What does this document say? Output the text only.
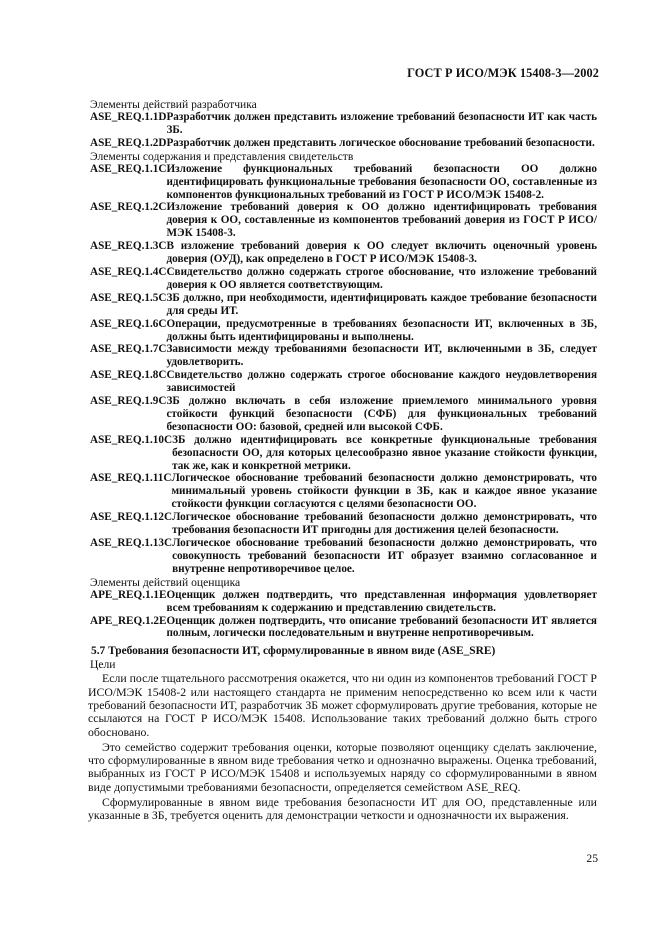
ГОСТ Р ИСО/МЭК 15408-3—2002
Элементы действий разработчика
ASE_REQ.1.1D Разработчик должен представить изложение требований безопасности ИТ как часть ЗБ.
ASE_REQ.1.2D Разработчик должен представить логическое обоснование требований безопасности.
Элементы содержания и представления свидетельств
ASE_REQ.1.1C Изложение функциональных требований безопасности ОО должно идентифицировать функциональные требования безопасности ОО, составленные из компонентов функциональных требований из ГОСТ Р ИСО/МЭК 15408-2.
ASE_REQ.1.2C Изложение требований доверия к ОО должно идентифицировать требования доверия к ОО, составленные из компонентов требований доверия из ГОСТ Р ИСО/МЭК 15408-3.
ASE_REQ.1.3C В изложение требований доверия к ОО следует включить оценочный уровень доверия (ОУД), как определено в ГОСТ Р ИСО/МЭК 15408-3.
ASE_REQ.1.4C Свидетельство должно содержать строгое обоснование, что изложение требований доверия к ОО является соответствующим.
ASE_REQ.1.5C ЗБ должно, при необходимости, идентифицировать каждое требование безопасности для среды ИТ.
ASE_REQ.1.6C Операции, предусмотренные в требованиях безопасности ИТ, включенных в ЗБ, должны быть идентифицированы и выполнены.
ASE_REQ.1.7C Зависимости между требованиями безопасности ИТ, включенными в ЗБ, следует удовлетворить.
ASE_REQ.1.8C Свидетельство должно содержать строгое обоснование каждого неудовлетворения зависимостей
ASE_REQ.1.9C ЗБ должно включать в себя изложение приемлемого минимального уровня стойкости функций безопасности (СФБ) для функциональных требований безопасности ОО: базовой, средней или высокой СФБ.
ASE_REQ.1.10C ЗБ должно идентифицировать все конкретные функциональные требования безопасности ОО, для которых целесообразно явное указание стойкости функции, так же, как и конкретной метрики.
ASE_REQ.1.11C Логическое обоснование требований безопасности должно демонстрировать, что минимальный уровень стойкости функции в ЗБ, как и каждое явное указание стойкости функции согласуются с целями безопасности ОО.
ASE_REQ.1.12C Логическое обоснование требований безопасности должно демонстрировать, что требования безопасности ИТ пригодны для достижения целей безопасности.
ASE_REQ.1.13C Логическое обоснование требований безопасности должно демонстрировать, что совокупность требований безопасности ИТ образует взаимно согласованное и внутренне непротиворечивое целое.
Элементы действий оценщика
APE_REQ.1.1E Оценщик должен подтвердить, что представленная информация удовлетворяет всем требованиям к содержанию и представлению свидетельств.
APE_REQ.1.2E Оценщик должен подтвердить, что описание требований безопасности ИТ является полным, логически последовательным и внутренне непротиворечивым.
5.7 Требования безопасности ИТ, сформулированные в явном виде (ASE_SRE)
Цели
Если после тщательного рассмотрения окажется, что ни один из компонентов требований ГОСТ Р ИСО/МЭК 15408-2 или настоящего стандарта не применим непосредственно ко всем или к части требований безопасности ИТ, разработчик ЗБ может сформулировать другие требования, которые не ссылаются на ГОСТ Р ИСО/МЭК 15408. Использование таких требований должно быть строго обосновано.
Это семейство содержит требования оценки, которые позволяют оценщику сделать заключение, что сформулированные в явном виде требования четко и однозначно выражены. Оценка требований, выбранных из ГОСТ Р ИСО/МЭК 15408 и используемых наряду со сформулированными в явном виде допустимыми требованиями безопасности, определяется семейством ASE_REQ.
Сформулированные в явном виде требования безопасности ИТ для ОО, представленные или указанные в ЗБ, требуется оценить для демонстрации четкости и однозначности их выражения.
25
